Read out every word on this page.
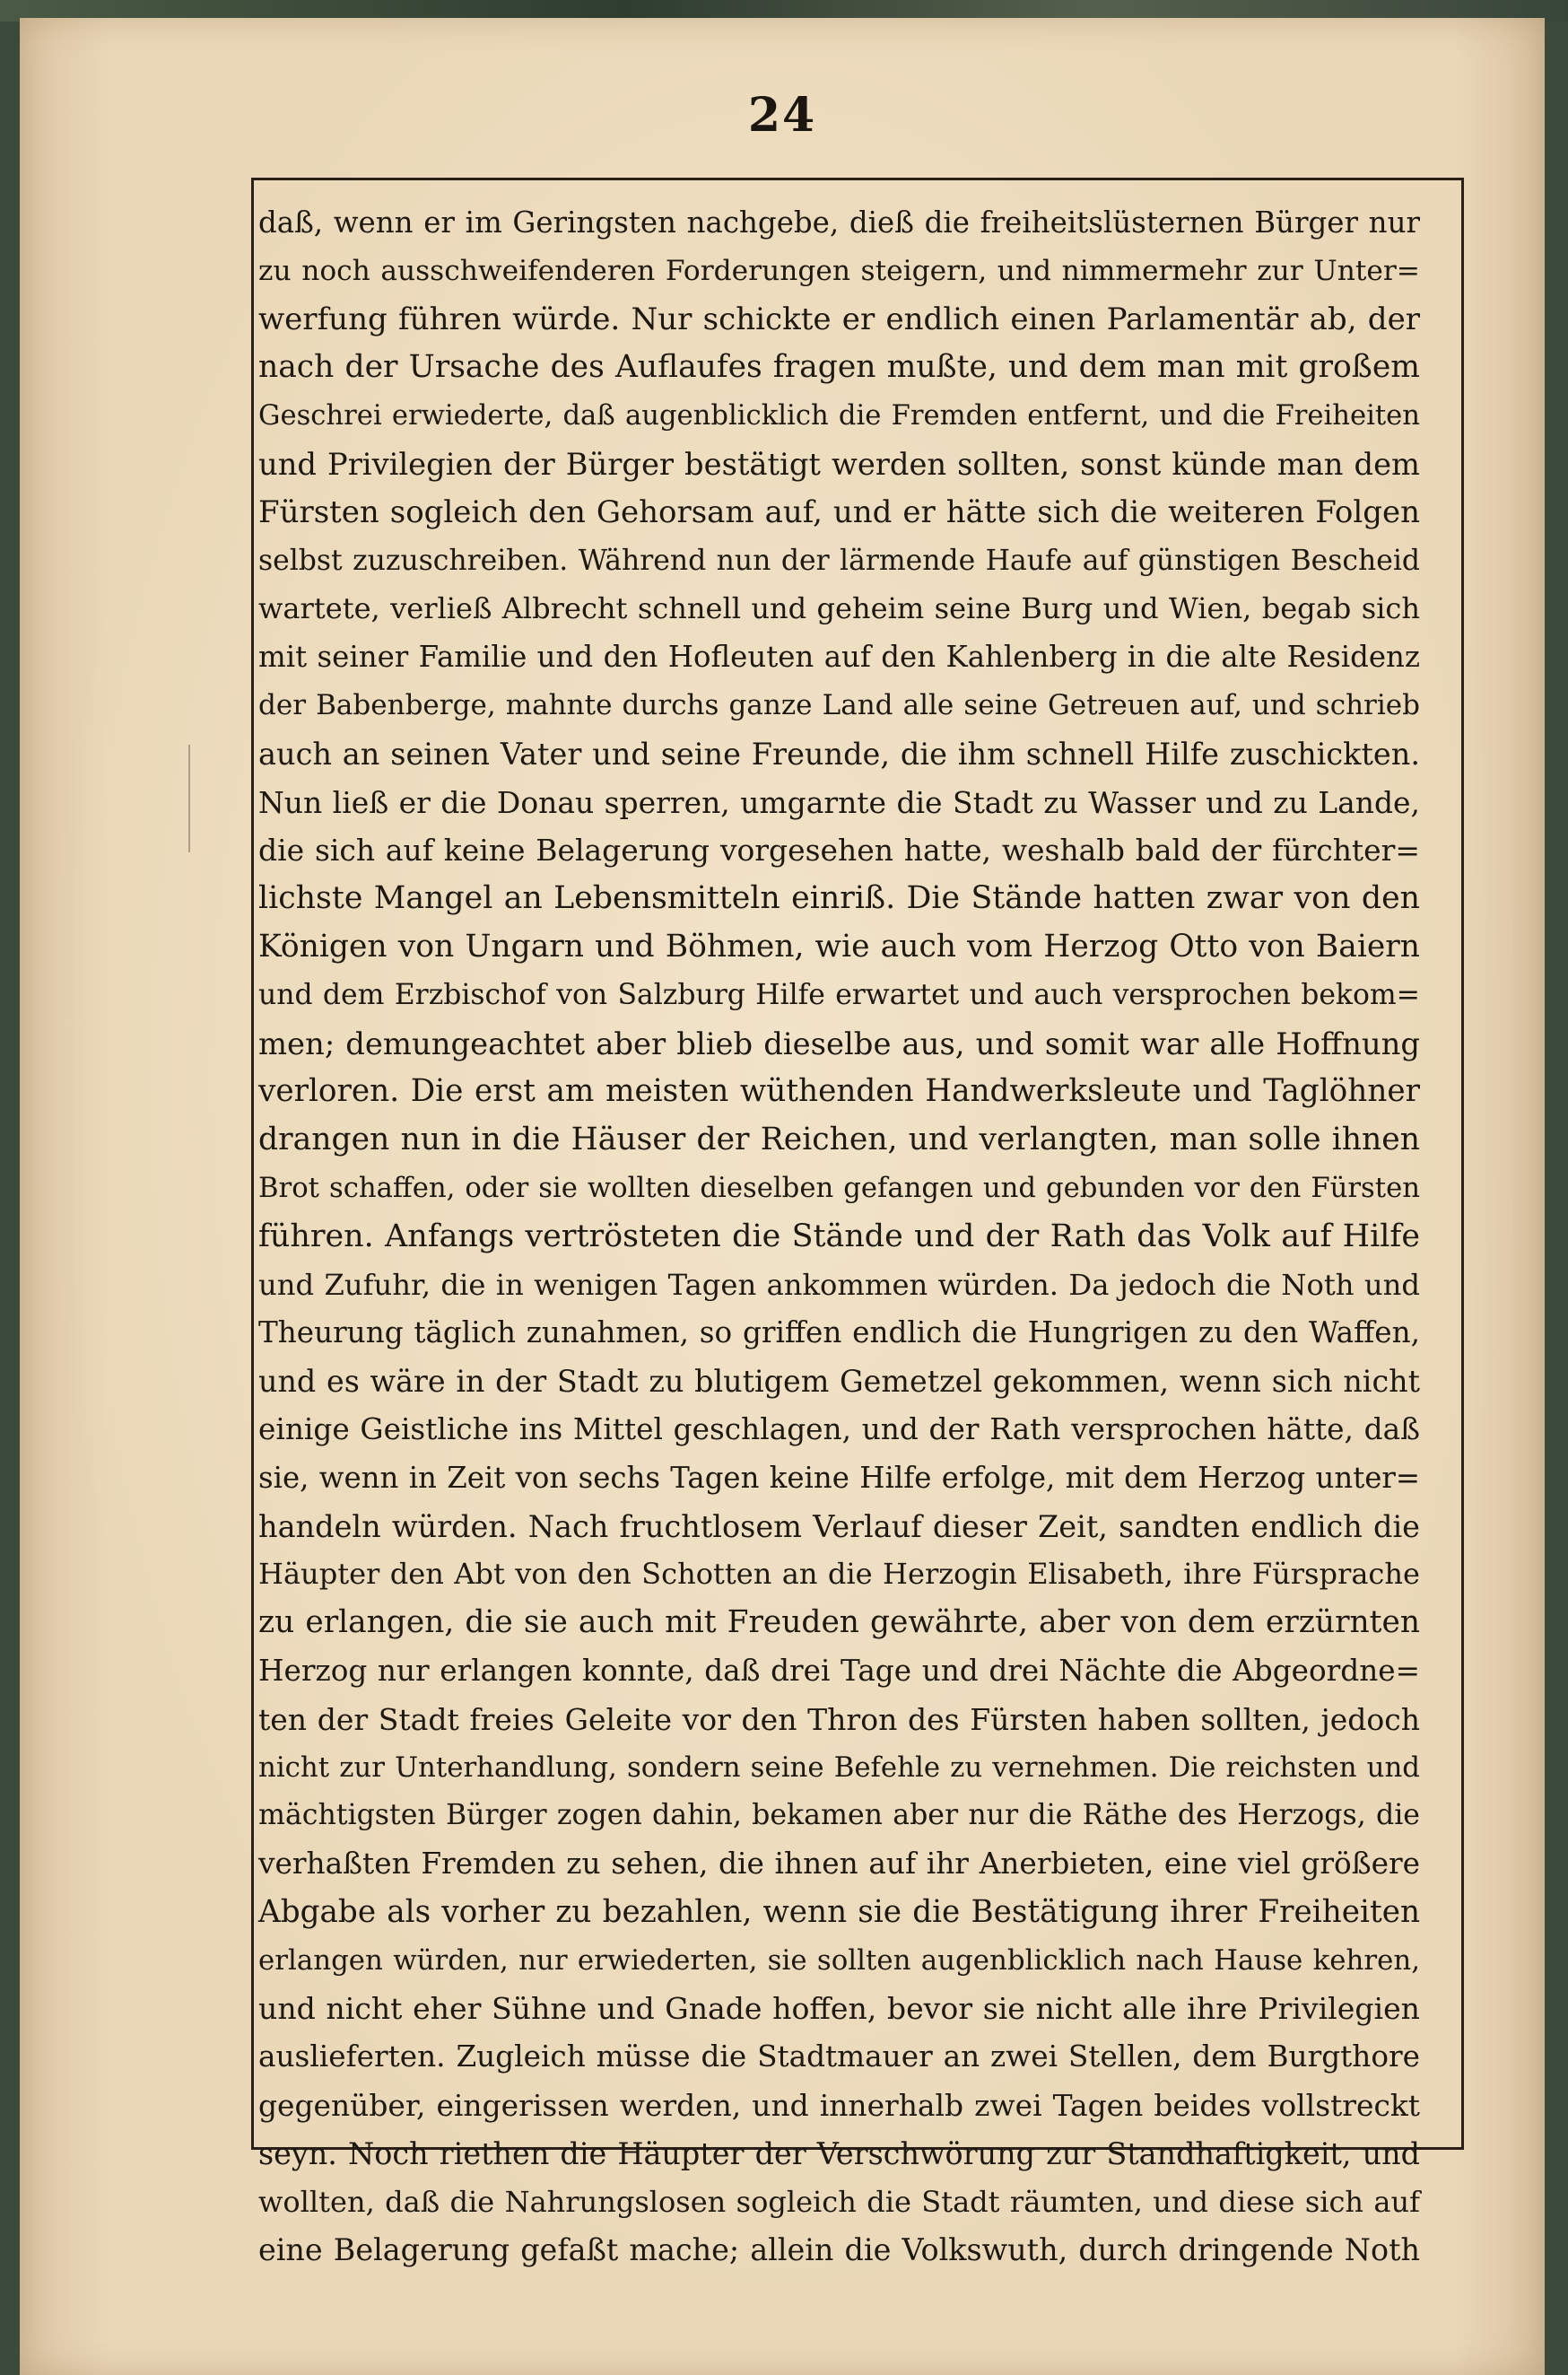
24
daß, wenn er im Geringsten nachgebe, dieß die freiheitslüsternen Bürger nur
zu noch ausschweifenderen Forderungen steigern, und nimmermehr zur Unter=
werfung führen würde. Nur schickte er endlich einen Parlamentär ab, der
nach der Ursache des Auflaufes fragen mußte, und dem man mit großem
Geschrei erwiederte, daß augenblicklich die Fremden entfernt, und die Freiheiten
und Privilegien der Bürger bestätigt werden sollten, sonst künde man dem
Fürsten sogleich den Gehorsam auf, und er hätte sich die weiteren Folgen
selbst zuzuschreiben. Während nun der lärmende Haufe auf günstigen Bescheid
wartete, verließ Albrecht schnell und geheim seine Burg und Wien, begab sich
mit seiner Familie und den Hofleuten auf den Kahlenberg in die alte Residenz
der Babenberge, mahnte durchs ganze Land alle seine Getreuen auf, und schrieb
auch an seinen Vater und seine Freunde, die ihm schnell Hilfe zuschickten.
Nun ließ er die Donau sperren, umgarnte die Stadt zu Wasser und zu Lande,
die sich auf keine Belagerung vorgesehen hatte, weshalb bald der fürchter=
lichste Mangel an Lebensmitteln einriß. Die Stände hatten zwar von den
Königen von Ungarn und Böhmen, wie auch vom Herzog Otto von Baiern
und dem Erzbischof von Salzburg Hilfe erwartet und auch versprochen bekom=
men; demungeachtet aber blieb dieselbe aus, und somit war alle Hoffnung
verloren. Die erst am meisten wüthenden Handwerksleute und Taglöhner
drangen nun in die Häuser der Reichen, und verlangten, man solle ihnen
Brot schaffen, oder sie wollten dieselben gefangen und gebunden vor den Fürsten
führen. Anfangs vertrösteten die Stände und der Rath das Volk auf Hilfe
und Zufuhr, die in wenigen Tagen ankommen würden. Da jedoch die Noth und
Theurung täglich zunahmen, so griffen endlich die Hungrigen zu den Waffen,
und es wäre in der Stadt zu blutigem Gemetzel gekommen, wenn sich nicht
einige Geistliche ins Mittel geschlagen, und der Rath versprochen hätte, daß
sie, wenn in Zeit von sechs Tagen keine Hilfe erfolge, mit dem Herzog unter=
handeln würden. Nach fruchtlosem Verlauf dieser Zeit, sandten endlich die
Häupter den Abt von den Schotten an die Herzogin Elisabeth, ihre Fürsprache
zu erlangen, die sie auch mit Freuden gewährte, aber von dem erzürnten
Herzog nur erlangen konnte, daß drei Tage und drei Nächte die Abgeordne=
ten der Stadt freies Geleite vor den Thron des Fürsten haben sollten, jedoch
nicht zur Unterhandlung, sondern seine Befehle zu vernehmen. Die reichsten und
mächtigsten Bürger zogen dahin, bekamen aber nur die Räthe des Herzogs, die
verhaßten Fremden zu sehen, die ihnen auf ihr Anerbieten, eine viel größere
Abgabe als vorher zu bezahlen, wenn sie die Bestätigung ihrer Freiheiten
erlangen würden, nur erwiederten, sie sollten augenblicklich nach Hause kehren,
und nicht eher Sühne und Gnade hoffen, bevor sie nicht alle ihre Privilegien
auslieferten. Zugleich müsse die Stadtmauer an zwei Stellen, dem Burgthore
gegenüber, eingerissen werden, und innerhalb zwei Tagen beides vollstreckt
seyn. Noch riethen die Häupter der Verschwörung zur Standhaftigkeit, und
wollten, daß die Nahrungslosen sogleich die Stadt räumten, und diese sich auf
eine Belagerung gefaßt mache; allein die Volkswuth, durch dringende Noth
